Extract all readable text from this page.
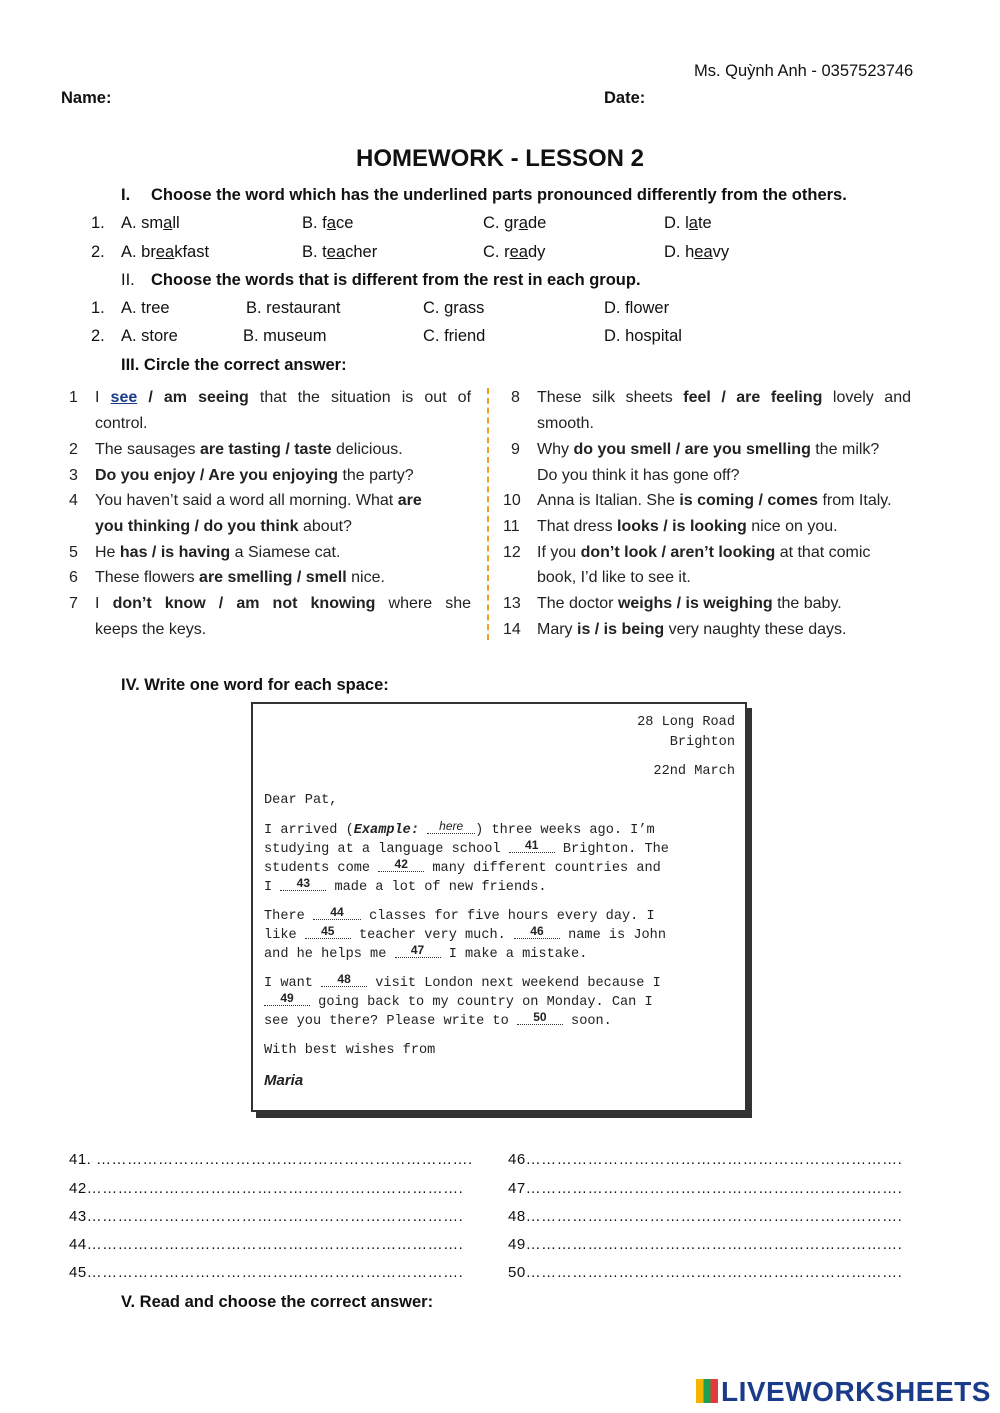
Ms. Quỳnh Anh - 0357523746
Name:	Date:
HOMEWORK - LESSON 2
I. Choose the word which has the underlined parts pronounced differently from the others.
1. A. small	B. face	C. grade	D. late
2. A. breakfast	B. teacher	C. ready	D. heavy
II. Choose the words that is different from the rest in each group.
1. A. tree	B. restaurant	C. grass	D. flower
2. A. store	B. museum	C. friend	D. hospital
III. Circle the correct answer:
1	I see / am seeing that the situation is out of
control.
2	The sausages are tasting / taste delicious.
3	Do you enjoy / Are you enjoying the party?
4	You haven’t said a word all morning. What are
you thinking / do you think about?
5	He has / is having a Siamese cat.
6	These flowers are smelling / smell nice.
7	I don’t know / am not knowing where she
keeps the keys.
8	These silk sheets feel / are feeling lovely and
smooth.
9	Why do you smell / are you smelling the milk?
Do you think it has gone off?
10 Anna is Italian. She is coming / comes from Italy.
11 That dress looks / is looking nice on you.
12 If you don’t look / aren’t looking at that comic
book, I’d like to see it.
13 The doctor weighs / is weighing the baby.
14 Mary is / is being very naughty these days.
IV. Write one word for each space:
28 Long Road
Brighton
22nd March
Dear Pat,
I arrived (Example: here ) three weeks ago. I’m
studying at a language school 41 Brighton. The
students come 42 many different countries and
I 43 made a lot of new friends.
There 44 classes for five hours every day. I
like 45 teacher very much. 46 name is John
and he helps me 47 I make a mistake.
I want 48 visit London next weekend because I
49 going back to my country on Monday. Can I
see you there? Please write to 50 soon.
With best wishes from
Maria
41. ……………………………………………………………….
42……………………………………………………………….
43……………………………………………………………….
44……………………………………………………………….
45……………………………………………………………….
46……………………………………………………………….
47……………………………………………………………….
48……………………………………………………………….
49……………………………………………………………….
50……………………………………………………………….
V. Read and choose the correct answer:
LIVEWORKSHEETS
